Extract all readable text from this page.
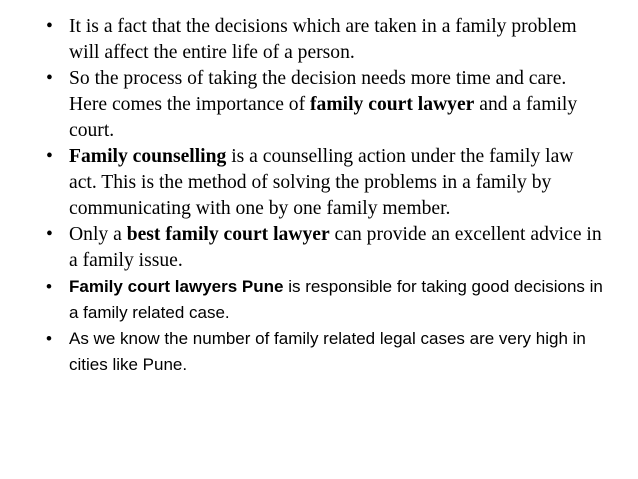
• It is a fact that the decisions which are taken in a family problem will affect the entire life of a person.
• So the process of taking the decision needs more time and care. Here comes the importance of family court lawyer and a family court.
• Family counselling is a counselling action under the family law act. This is the method of solving the problems in a family by communicating with one by one family member.
• Only a best family court lawyer can provide an excellent advice in a family issue.
• Family court lawyers Pune is responsible for taking good decisions in a family related case.
• As we know the number of family related legal cases are very high in cities like Pune.
